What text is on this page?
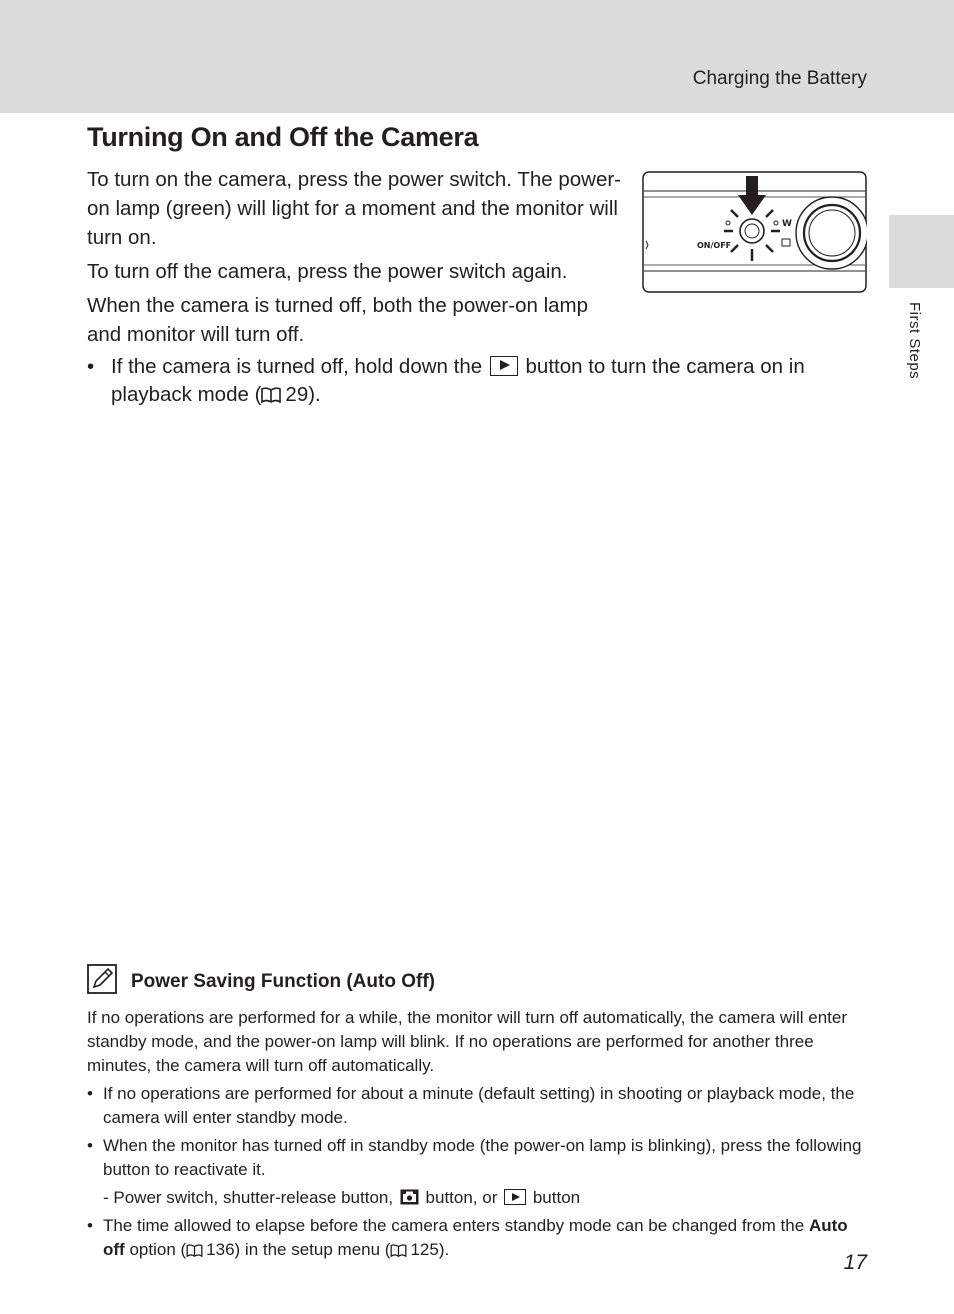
Charging the Battery
First Steps
Turning On and Off the Camera

To turn on the camera, press the power switch. The power-on lamp (green) will light for a moment and the monitor will turn on.

To turn off the camera, press the power switch again.

When the camera is turned off, both the power-on lamp and monitor will turn off.

• If the camera is turned off, hold down the button to turn the camera on in playback mode ( 29).
W
ON/OFF
Power Saving Function (Auto Off)

If no operations are performed for a while, the monitor will turn off automatically, the camera will enter standby mode, and the power-on lamp will blink. If no operations are performed for another three minutes, the camera will turn off automatically.

• If no operations are performed for about a minute (default setting) in shooting or playback mode, the camera will enter standby mode.
• When the monitor has turned off in standby mode (the power-on lamp is blinking), press the following button to reactivate it.
- Power switch, shutter-release button, button, or button
• The time allowed to elapse before the camera enters standby mode can be changed from the Auto off option ( 136) in the setup menu ( 125).
17
